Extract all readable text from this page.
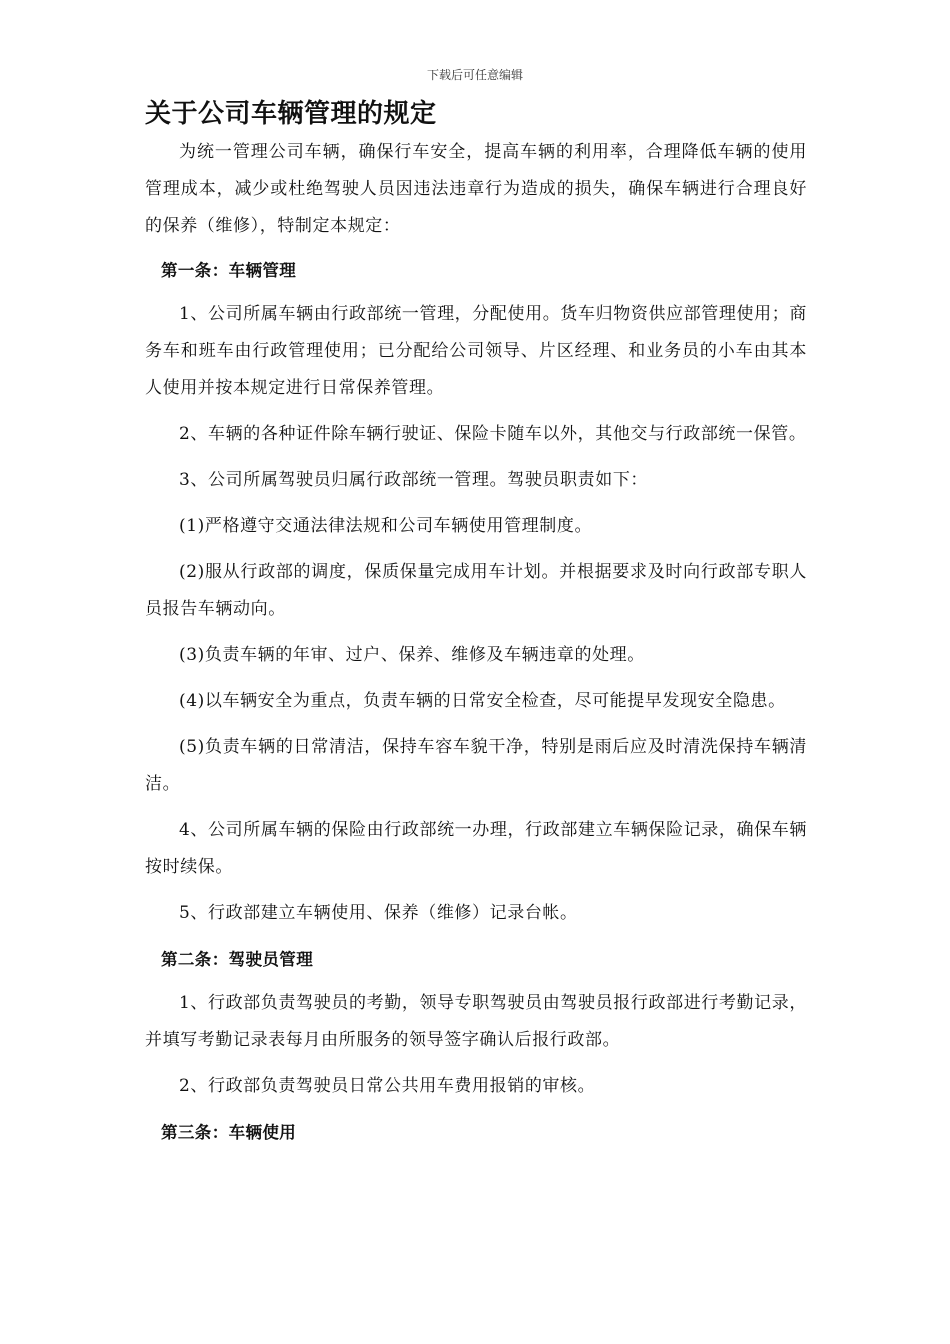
下载后可任意编辑
关于公司车辆管理的规定

为统一管理公司车辆，确保行车安全，提高车辆的利用率，合理降低车辆的使用管理成本，减少或杜绝驾驶人员因违法违章行为造成的损失，确保车辆进行合理良好的保养（维修），特制定本规定：

第一条：车辆管理

1、公司所属车辆由行政部统一管理，分配使用。货车归物资供应部管理使用；商务车和班车由行政管理使用；已分配给公司领导、片区经理、和业务员的小车由其本人使用并按本规定进行日常保养管理。

2、车辆的各种证件除车辆行驶证、保险卡随车以外，其他交与行政部统一保管。

3、公司所属驾驶员归属行政部统一管理。驾驶员职责如下：

(1)严格遵守交通法律法规和公司车辆使用管理制度。

(2)服从行政部的调度，保质保量完成用车计划。并根据要求及时向行政部专职人员报告车辆动向。

(3)负责车辆的年审、过户、保养、维修及车辆违章的处理。

(4)以车辆安全为重点，负责车辆的日常安全检查，尽可能提早发现安全隐患。

(5)负责车辆的日常清洁，保持车容车貌干净，特别是雨后应及时清洗保持车辆清洁。

4、公司所属车辆的保险由行政部统一办理，行政部建立车辆保险记录，确保车辆按时续保。

5、行政部建立车辆使用、保养（维修）记录台帐。

第二条：驾驶员管理

1、行政部负责驾驶员的考勤，领导专职驾驶员由驾驶员报行政部进行考勤记录，并填写考勤记录表每月由所服务的领导签字确认后报行政部。

2、行政部负责驾驶员日常公共用车费用报销的审核。

第三条：车辆使用
